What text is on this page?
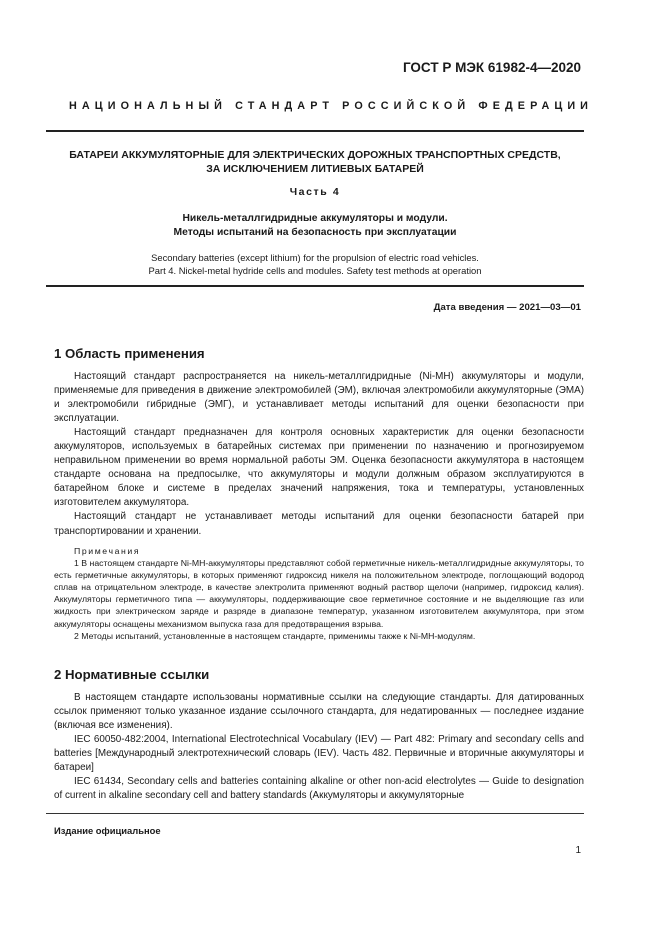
ГОСТ Р МЭК 61982-4—2020
НАЦИОНАЛЬНЫЙ СТАНДАРТ РОССИЙСКОЙ ФЕДЕРАЦИИ
БАТАРЕИ АККУМУЛЯТОРНЫЕ ДЛЯ ЭЛЕКТРИЧЕСКИХ ДОРОЖНЫХ ТРАНСПОРТНЫХ СРЕДСТВ,
ЗА ИСКЛЮЧЕНИЕМ ЛИТИЕВЫХ БАТАРЕЙ
Часть 4
Никель-металлгидридные аккумуляторы и модули.
Методы испытаний на безопасность при эксплуатации
Secondary batteries (except lithium) for the propulsion of electric road vehicles.
Part 4. Nickel-metal hydride cells and modules. Safety test methods at operation
Дата введения — 2021—03—01
1 Область применения

Настоящий стандарт распространяется на никель-металлгидридные (Ni-MH) аккумуляторы и модули, применяемые для приведения в движение электромобилей (ЭМ), включая электромобили аккумуляторные (ЭМА) и электромобили гибридные (ЭМГ), и устанавливает методы испытаний для оценки безопасности при эксплуатации.

Настоящий стандарт предназначен для контроля основных характеристик для оценки безопасности аккумуляторов, используемых в батарейных системах при применении по назначению и прогнозируемом неправильном применении во время нормальной работы ЭМ. Оценка безопасности аккумулятора в настоящем стандарте основана на предпосылке, что аккумуляторы и модули должным образом эксплуатируются в батарейном блоке и системе в пределах значений напряжения, тока и температуры, установленных изготовителем аккумулятора.

Настоящий стандарт не устанавливает методы испытаний для оценки безопасности батарей при транспортировании и хранении.

Примечания

1 В настоящем стандарте Ni-MH-аккумуляторы представляют собой герметичные никель-металлгидридные аккумуляторы, то есть герметичные аккумуляторы, в которых применяют гидроксид никеля на положительном электроде, поглощающий водород сплав на отрицательном электроде, в качестве электролита применяют водный раствор щелочи (например, гидроксид калия). Аккумуляторы герметичного типа — аккумуляторы, поддерживающие свое герметичное состояние и не выделяющие газ или жидкость при электрическом заряде и разряде в диапазоне температур, указанном изготовителем аккумулятора, при этом аккумуляторы оснащены механизмом выпуска газа для предотвращения взрыва.

2 Методы испытаний, установленные в настоящем стандарте, применимы также к Ni-MH-модулям.

2 Нормативные ссылки

В настоящем стандарте использованы нормативные ссылки на следующие стандарты. Для датированных ссылок применяют только указанное издание ссылочного стандарта, для недатированных — последнее издание (включая все изменения).

IEC 60050-482:2004, International Electrotechnical Vocabulary (IEV) — Part 482: Primary and secondary cells and batteries [Международный электротехнический словарь (IEV). Часть 482. Первичные и вторичные аккумуляторы и батареи]

IEC 61434, Secondary cells and batteries containing alkaline or other non-acid electrolytes — Guide to designation of current in alkaline secondary cell and battery standards (Аккумуляторы и аккумуляторные

Издание официальное
1
